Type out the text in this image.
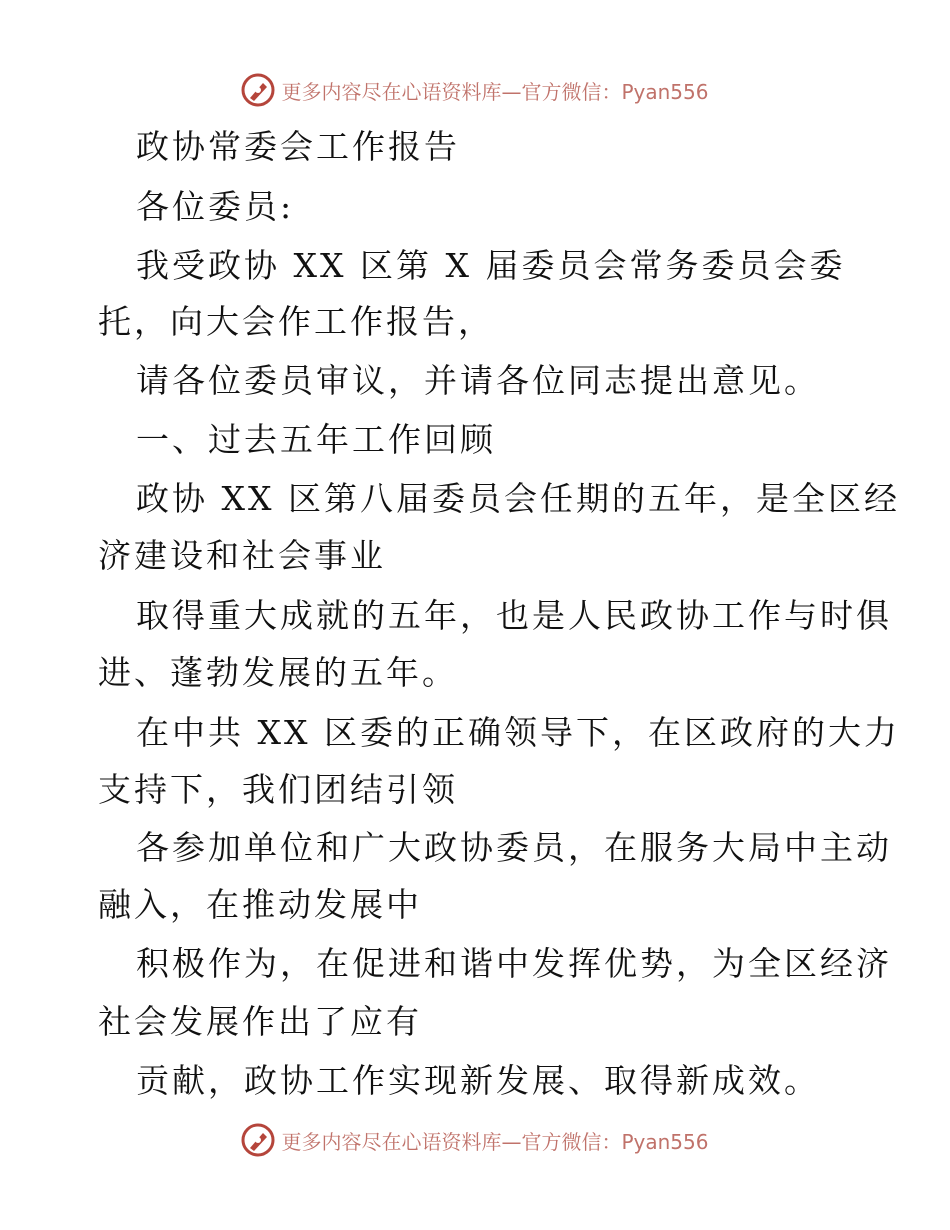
更多内容尽在心语资料库—官方微信：Pyan556
政协常委会工作报告
各位委员:
我受政协 XX 区第 X 届委员会常务委员会委
托，向大会作工作报告，
请各位委员审议，并请各位同志提出意见。
一、过去五年工作回顾
政协 XX 区第八届委员会任期的五年，是全区经
济建设和社会事业
取得重大成就的五年，也是人民政协工作与时俱
进、蓬勃发展的五年。
在中共 XX 区委的正确领导下，在区政府的大力
支持下，我们团结引领
各参加单位和广大政协委员，在服务大局中主动
融入，在推动发展中
积极作为，在促进和谐中发挥优势，为全区经济
社会发展作出了应有
贡献，政协工作实现新发展、取得新成效。
更多内容尽在心语资料库—官方微信：Pyan556
